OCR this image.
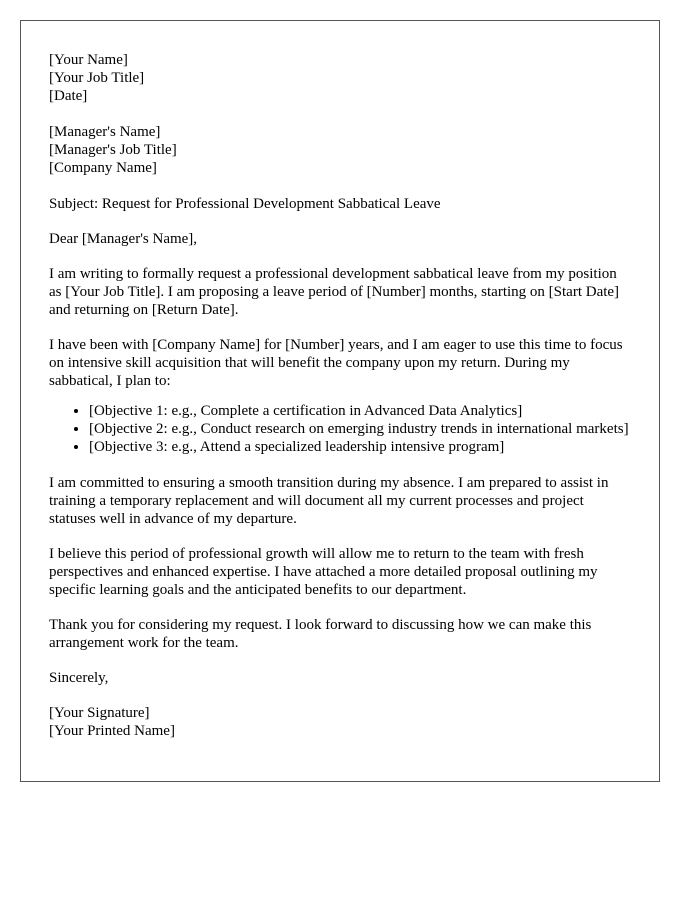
[Your Name]
[Your Job Title]
[Date]
[Manager's Name]
[Manager's Job Title]
[Company Name]

Subject: Request for Professional Development Sabbatical Leave

Dear [Manager's Name],

I am writing to formally request a professional development sabbatical leave from my position as [Your Job Title]. I am proposing a leave period of [Number] months, starting on [Start Date] and returning on [Return Date].

I have been with [Company Name] for [Number] years, and I am eager to use this time to focus on intensive skill acquisition that will benefit the company upon my return. During my sabbatical, I plan to:

• [Objective 1: e.g., Complete a certification in Advanced Data Analytics]
• [Objective 2: e.g., Conduct research on emerging industry trends in international markets]
• [Objective 3: e.g., Attend a specialized leadership intensive program]

I am committed to ensuring a smooth transition during my absence. I am prepared to assist in training a temporary replacement and will document all my current processes and project statuses well in advance of my departure.

I believe this period of professional growth will allow me to return to the team with fresh perspectives and enhanced expertise. I have attached a more detailed proposal outlining my specific learning goals and the anticipated benefits to our department.

Thank you for considering my request. I look forward to discussing how we can make this arrangement work for the team.

Sincerely,

[Your Signature]
[Your Printed Name]
